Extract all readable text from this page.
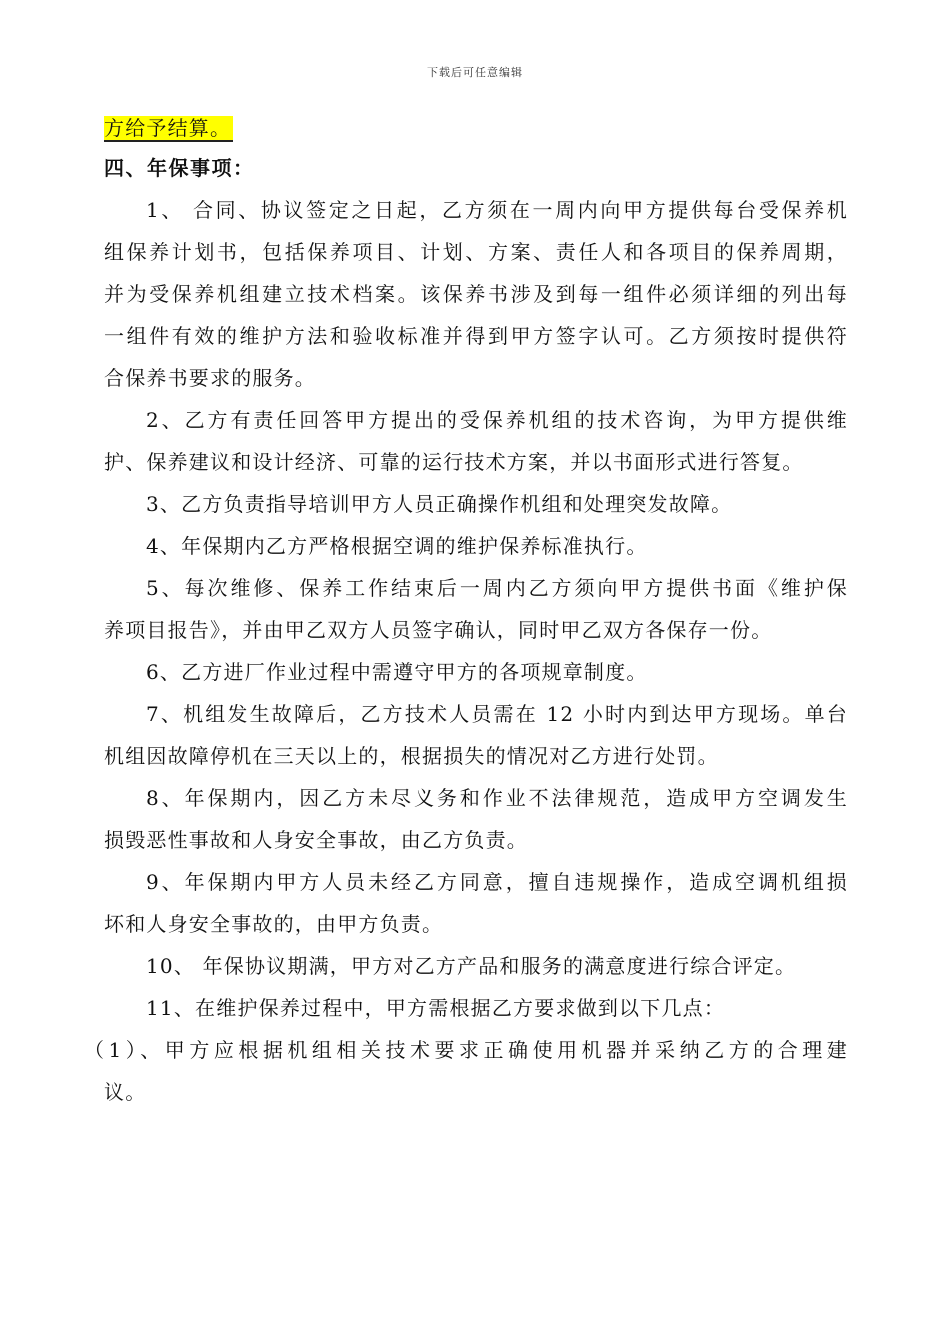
下载后可任意编辑
方给予结算。
四、年保事项：
1、 合同、协议签定之日起，乙方须在一周内向甲方提供每台受保养机
组保养计划书，包括保养项目、计划、方案、责任人和各项目的保养周期，
并为受保养机组建立技术档案。该保养书涉及到每一组件必须详细的列出每
一组件有效的维护方法和验收标准并得到甲方签字认可。乙方须按时提供符
合保养书要求的服务。
2、乙方有责任回答甲方提出的受保养机组的技术咨询，为甲方提供维
护、保养建议和设计经济、可靠的运行技术方案，并以书面形式进行答复。
3、乙方负责指导培训甲方人员正确操作机组和处理突发故障。
4、年保期内乙方严格根据空调的维护保养标准执行。
5、每次维修、保养工作结束后一周内乙方须向甲方提供书面《维护保
养项目报告》，并由甲乙双方人员签字确认，同时甲乙双方各保存一份。
6、乙方进厂作业过程中需遵守甲方的各项规章制度。
7、机组发生故障后，乙方技术人员需在 12 小时内到达甲方现场。单台
机组因故障停机在三天以上的，根据损失的情况对乙方进行处罚。
8、年保期内，因乙方未尽义务和作业不法律规范，造成甲方空调发生
损毁恶性事故和人身安全事故，由乙方负责。
9、年保期内甲方人员未经乙方同意，擅自违规操作，造成空调机组损
坏和人身安全事故的，由甲方负责。
10、 年保协议期满，甲方对乙方产品和服务的满意度进行综合评定。
11、在维护保养过程中，甲方需根据乙方要求做到以下几点：
（1）、甲方应根据机组相关技术要求正确使用机器并采纳乙方的合理建
议。
